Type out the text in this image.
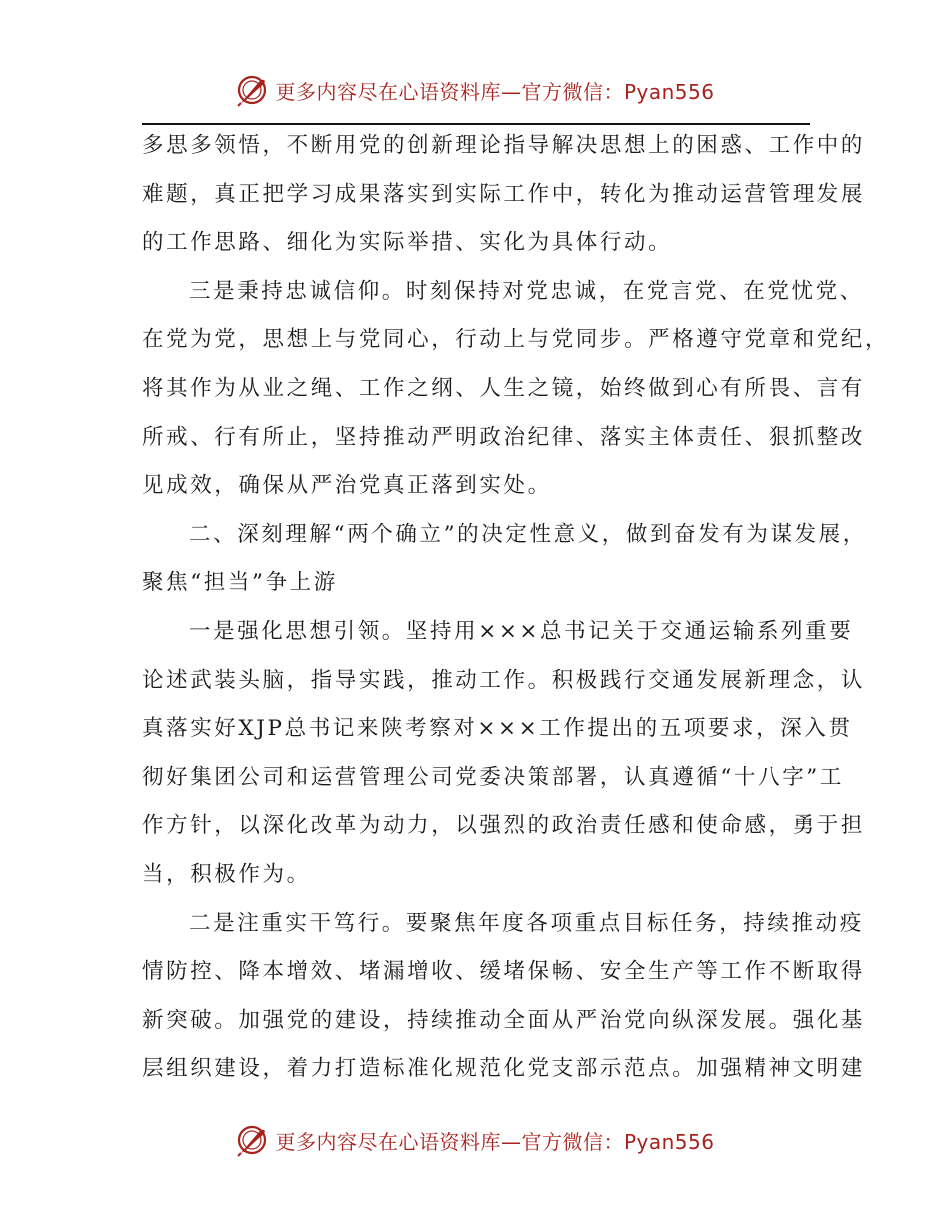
更多内容尽在心语资料库—官方微信：Pyan556

多思多领悟，不断用党的创新理论指导解决思想上的困惑、工作中的
难题，真正把学习成果落实到实际工作中，转化为推动运营管理发展
的工作思路、细化为实际举措、实化为具体行动。

三是秉持忠诚信仰。时刻保持对党忠诚，在党言党、在党忧党、
在党为党，思想上与党同心，行动上与党同步。严格遵守党章和党纪，
将其作为从业之绳、工作之纲、人生之镜，始终做到心有所畏、言有
所戒、行有所止，坚持推动严明政治纪律、落实主体责任、狠抓整改
见成效，确保从严治党真正落到实处。

二、深刻理解“两个确立”的决定性意义，做到奋发有为谋发展，
聚焦“担当”争上游

一是强化思想引领。坚持用×××总书记关于交通运输系列重要
论述武装头脑，指导实践，推动工作。积极践行交通发展新理念，认
真落实好XJP总书记来陕考察对×××工作提出的五项要求，深入贯
彻好集团公司和运营管理公司党委决策部署，认真遵循“十八字”工
作方针，以深化改革为动力，以强烈的政治责任感和使命感，勇于担
当，积极作为。

二是注重实干笃行。要聚焦年度各项重点目标任务，持续推动疫
情防控、降本增效、堵漏增收、缓堵保畅、安全生产等工作不断取得
新突破。加强党的建设，持续推动全面从严治党向纵深发展。强化基
层组织建设，着力打造标准化规范化党支部示范点。加强精神文明建

更多内容尽在心语资料库—官方微信：Pyan556
